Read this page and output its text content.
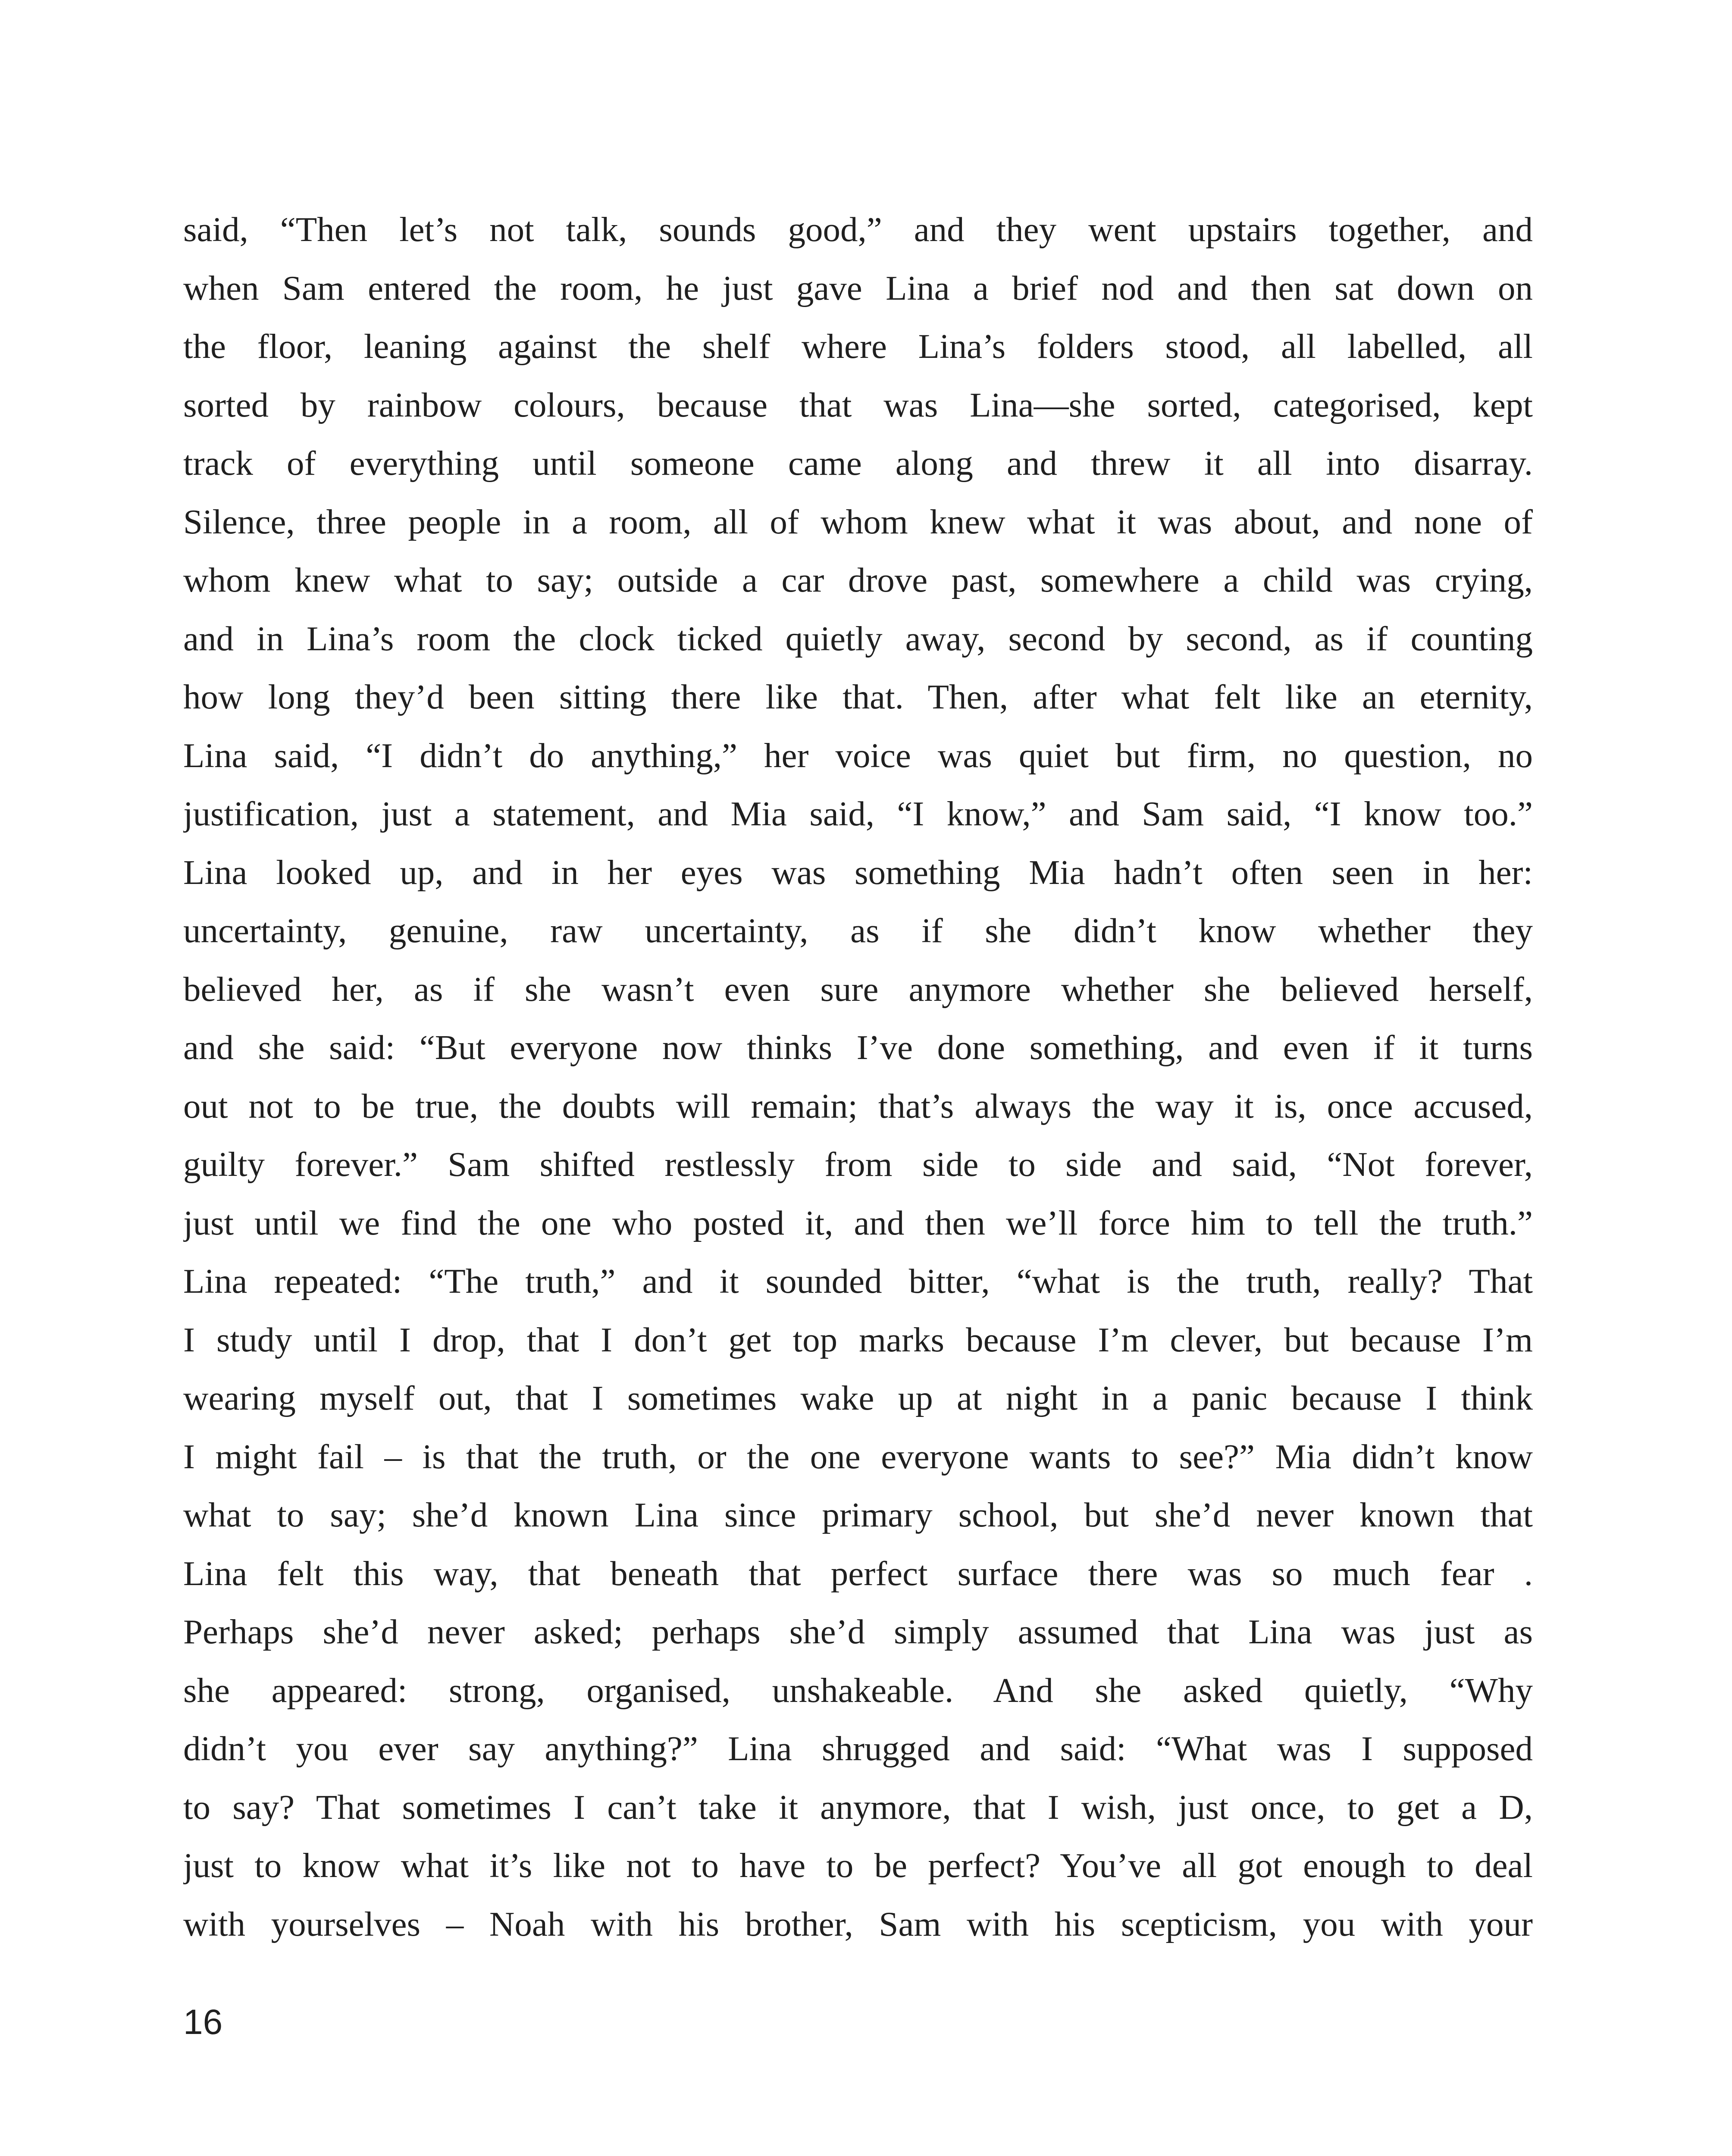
said, “Then let’s not talk, sounds good,” and they went upstairs together, and
when Sam entered the room, he just gave Lina a brief nod and then sat down on
the floor, leaning against the shelf where Lina’s folders stood, all labelled, all
sorted by rainbow colours, because that was Lina—she sorted, categorised, kept
track of everything until someone came along and threw it all into disarray.
Silence, three people in a room, all of whom knew what it was about, and none of
whom knew what to say; outside a car drove past, somewhere a child was crying,
and in Lina’s room the clock ticked quietly away, second by second, as if counting
how long they’d been sitting there like that. Then, after what felt like an eternity,
Lina said, “I didn’t do anything,” her voice was quiet but firm, no question, no
justification, just a statement, and Mia said, “I know,” and Sam said, “I know too.”
Lina looked up, and in her eyes was something Mia hadn’t often seen in her:
uncertainty, genuine, raw uncertainty, as if she didn’t know whether they
believed her, as if she wasn’t even sure anymore whether she believed herself,
and she said: “But everyone now thinks I’ve done something, and even if it turns
out not to be true, the doubts will remain; that’s always the way it is, once accused,
guilty forever.” Sam shifted restlessly from side to side and said, “Not forever,
just until we find the one who posted it, and then we’ll force him to tell the truth.”
Lina repeated: “The truth,” and it sounded bitter, “what is the truth, really? That
I study until I drop, that I don’t get top marks because I’m clever, but because I’m
wearing myself out, that I sometimes wake up at night in a panic because I think
I might fail – is that the truth, or the one everyone wants to see?” Mia didn’t know
what to say; she’d known Lina since primary school, but she’d never known that
Lina felt this way, that beneath that perfect surface there was so much fear .
Perhaps she’d never asked; perhaps she’d simply assumed that Lina was just as
she appeared: strong, organised, unshakeable. And she asked quietly, “Why
didn’t you ever say anything?” Lina shrugged and said: “What was I supposed
to say? That sometimes I can’t take it anymore, that I wish, just once, to get a D,
just to know what it’s like not to have to be perfect? You’ve all got enough to deal
with yourselves – Noah with his brother, Sam with his scepticism, you with your
16
